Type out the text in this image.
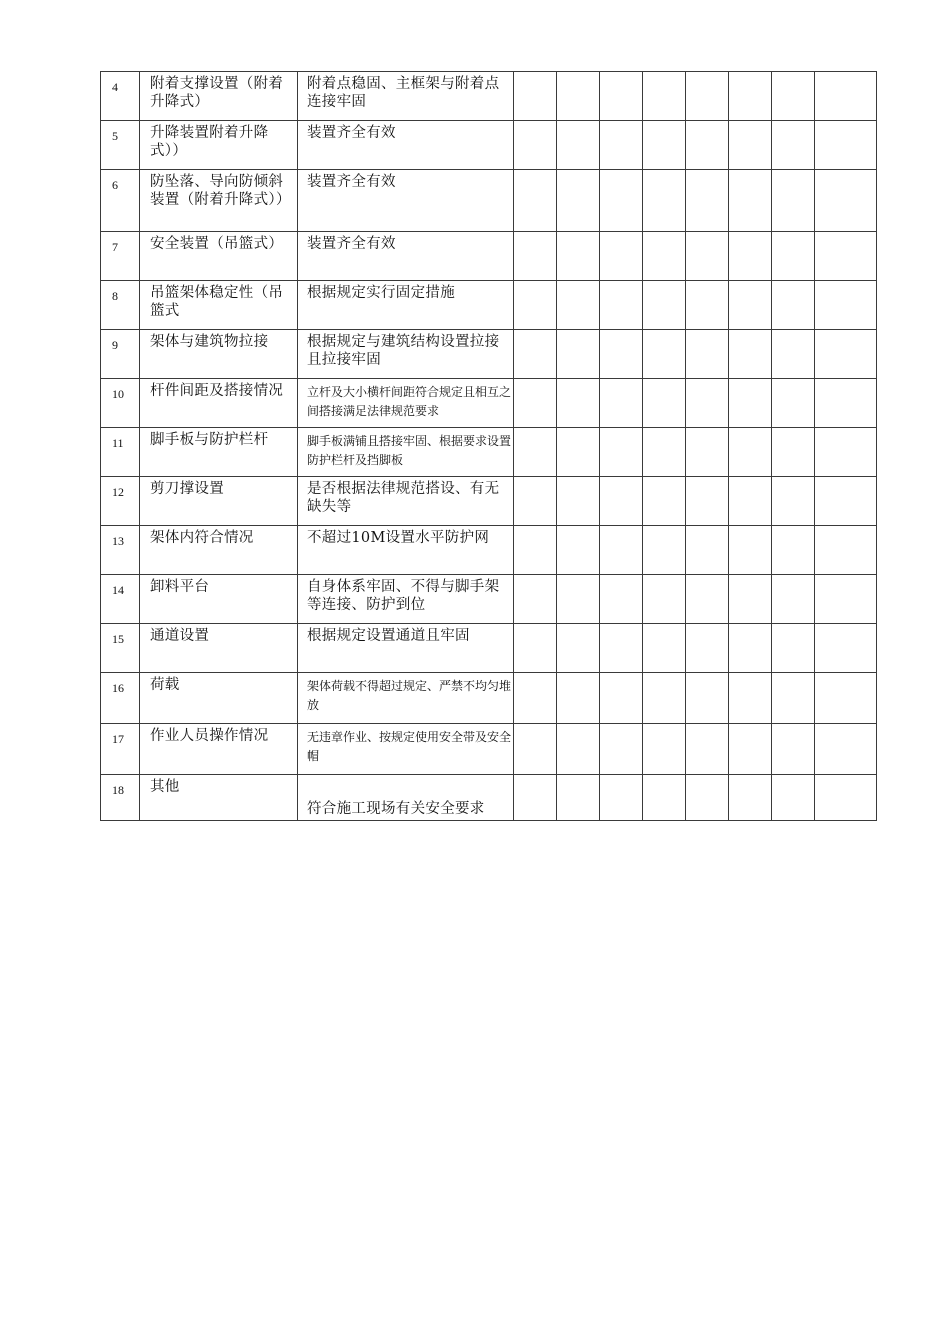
4	附着支撑设置（附着升降式）	附着点稳固、主框架与附着点连接牢固								
5	升降装置附着升降式））	装置齐全有效								
6	防坠落、导向防倾斜装置（附着升降式））	装置齐全有效								
7	安全装置（吊篮式）	装置齐全有效								
8	吊篮架体稳定性（吊篮式	根据规定实行固定措施								
9	架体与建筑物拉接	根据规定与建筑结构设置拉接且拉接牢固								
10	杆件间距及搭接情况	立杆及大小横杆间距符合规定且相互之间搭接满足法律规范要求								
11	脚手板与防护栏杆	脚手板满铺且搭接牢固、根据要求设置防护栏杆及挡脚板								
12	剪刀撑设置	是否根据法律规范搭设、有无缺失等								
13	架体内符合情况	不超过10M设置水平防护网								
14	卸料平台	自身体系牢固、不得与脚手架等连接、防护到位								
15	通道设置	根据规定设置通道且牢固								
16	荷载	架体荷载不得超过规定、严禁不均匀堆放								
17	作业人员操作情况	无违章作业、按规定使用安全带及安全帽								
18	其他	符合施工现场有关安全要求								
